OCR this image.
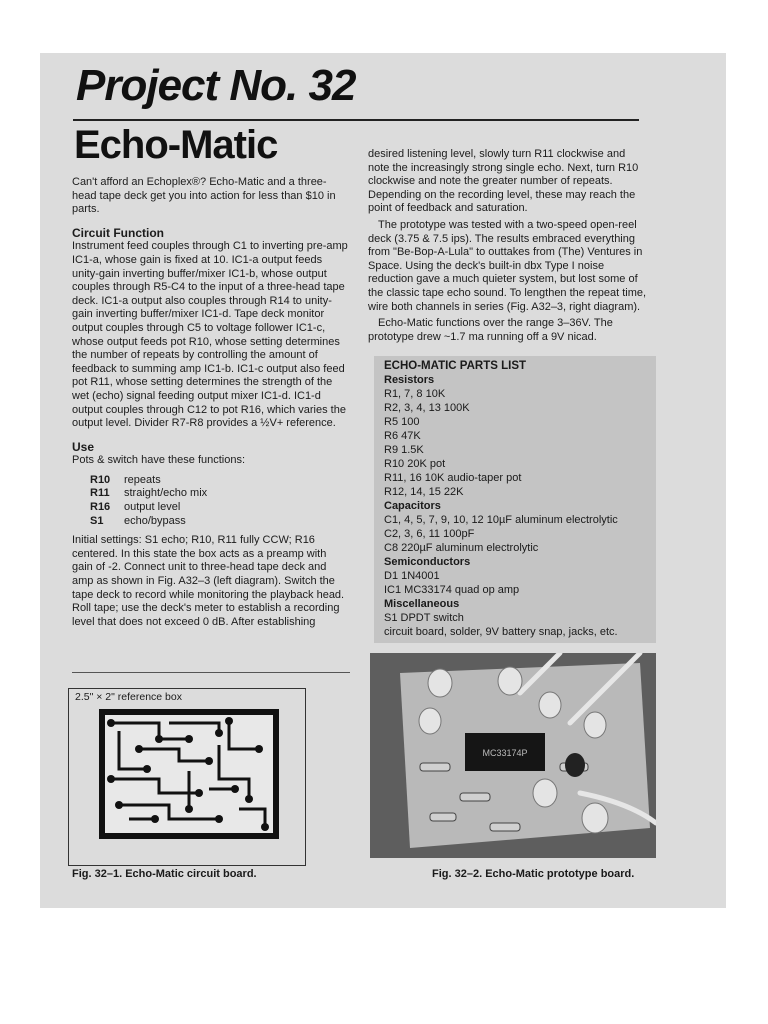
Project No. 32
Echo-Matic

Can't afford an Echoplex®? Echo-Matic and a three-head tape deck get you into action for less than $10 in parts.

Circuit Function

Instrument feed couples through C1 to inverting pre-amp IC1-a, whose gain is fixed at 10. IC1-a output feeds unity-gain inverting buffer/mixer IC1-b, whose output couples through R5-C4 to the input of a three-head tape deck. IC1-a output also couples through R14 to unity-gain inverting buffer/mixer IC1-d. Tape deck monitor output couples through C5 to voltage follower IC1-c, whose output feeds pot R10, whose setting determines the number of repeats by controlling the amount of feedback to summing amp IC1-b. IC1-c output also feed pot R11, whose setting determines the strength of the wet (echo) signal feeding output mixer IC1-d. IC1-d output couples through C12 to pot R16, which varies the output level. Divider R7-R8 provides a ½V+ reference.

Use

Pots & switch have these functions:

R10	repeats
R11	straight/echo mix
R16	output level
S1	echo/bypass

Initial settings: S1 echo; R10, R11 fully CCW; R16 centered. In this state the box acts as a preamp with gain of -2. Connect unit to three-head tape deck and amp as shown in Fig. A32–3 (left diagram). Switch the tape deck to record while monitoring the playback head. Roll tape; use the deck's meter to establish a recording level that does not exceed 0 dB. After establishing

desired listening level, slowly turn R11 clockwise and note the increasingly strong single echo. Next, turn R10 clockwise and note the greater number of repeats. Depending on the recording level, these may reach the point of feedback and saturation.

The prototype was tested with a two-speed open-reel deck (3.75 & 7.5 ips). The results embraced everything from "Be-Bop-A-Lula" to outtakes from (The) Ventures in Space. Using the deck's built-in dbx Type I noise reduction gave a much quieter system, but lost some of the classic tape echo sound. To lengthen the repeat time, wire both channels in series (Fig. A32–3, right diagram).

Echo-Matic functions over the range 3–36V. The prototype drew ~1.7 ma running off a 9V nicad.

ECHO-MATIC PARTS LIST
Resistors
R1, 7, 8 10K
R2, 3, 4, 13 100K
R5 100
R6 47K
R9 1.5K
R10 20K pot
R11, 16 10K audio-taper pot
R12, 14, 15 22K
Capacitors
C1, 4, 5, 7, 9, 10, 12 10µF aluminum electrolytic
C2, 3, 6, 11 100pF
C8 220µF aluminum electrolytic
Semiconductors
D1 1N4001
IC1 MC33174 quad op amp
Miscellaneous
S1 DPDT switch
circuit board, solder, 9V battery snap, jacks, etc.
2.5" × 2" reference box
Fig. 32–1. Echo-Matic circuit board.
MC33174P
Fig. 32–2. Echo-Matic prototype board.
